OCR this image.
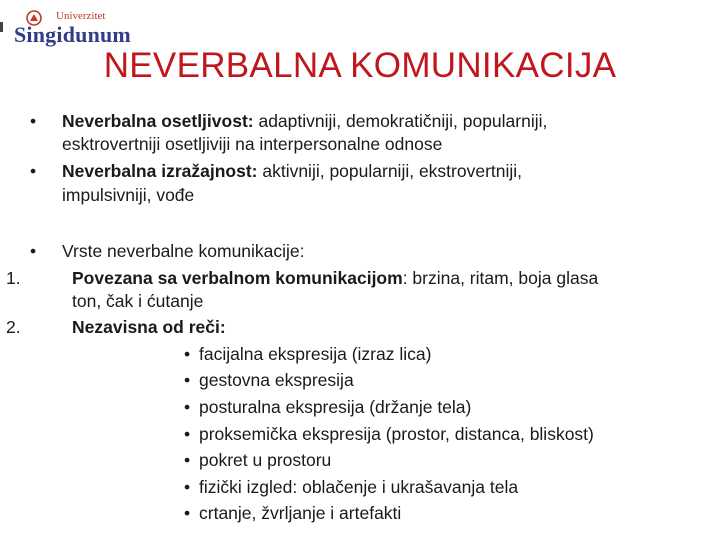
Univerzitet
Singidunum
NEVERBALNA KOMUNIKACIJA
• Neverbalna osetljivost: adaptivniji, demokratičniji, popularniji,
esktrovertniji osetljiviji na interpersonalne odnose
• Neverbalna izražajnost: aktivniji, popularniji, ekstrovertniji,
impulsivniji, vođe
• Vrste neverbalne komunikacije:
1.	Povezana sa verbalnom komunikacijom: brzina, ritam, boja glasa
ton, čak i ćutanje
2.	Nezavisna od reči:
• facijalna ekspresija (izraz lica)
• gestovna ekspresija
• posturalna ekspresija (držanje tela)
• proksemička ekspresija (prostor, distanca, bliskost)
• pokret u prostoru
• fizički izgled: oblačenje i ukrašavanja tela
• crtanje, žvrljanje i artefakti
